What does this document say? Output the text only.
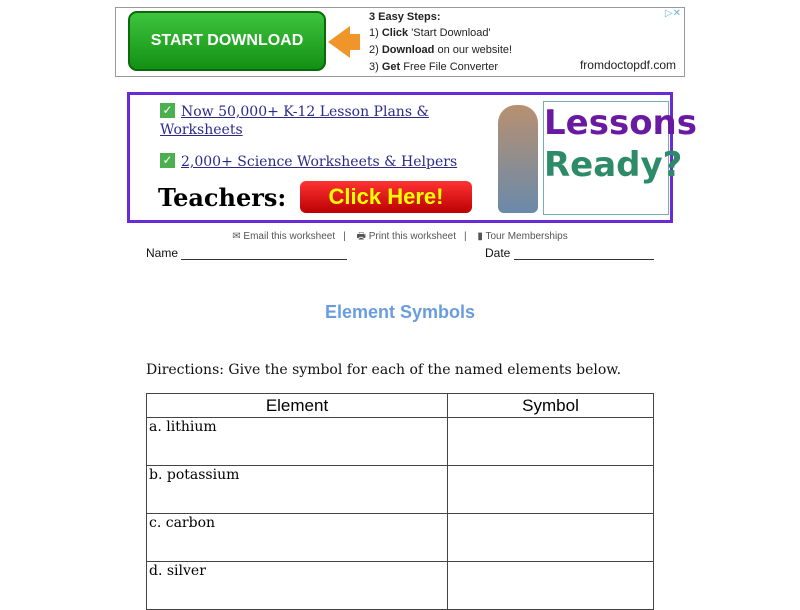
START DOWNLOAD
3 Easy Steps:
1) Click 'Start Download'
2) Download on our website!
3) Get Free File Converter	fromdoctopdf.com
▷✕
✓ Now 50,000+ K-12 Lesson Plans & Worksheets
✓ 2,000+ Science Worksheets & Helpers
Teachers:	Click Here!
Lessons
Ready?
✉ Email this worksheet | 🖶 Print this worksheet | ▮ Tour Memberships
Name	Date
Element Symbols
Directions: Give the symbol for each of the named elements below.
Element	Symbol
a. lithium	
b. potassium	
c. carbon	
d. silver	
